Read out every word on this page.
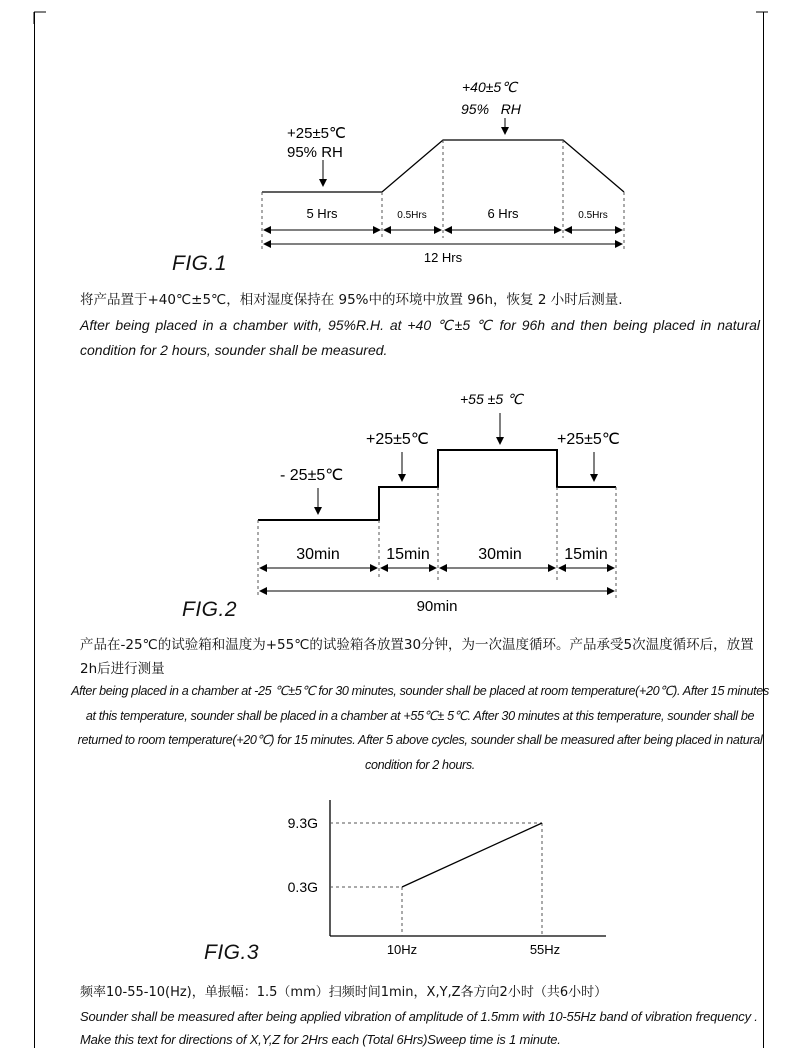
+40±5℃
95%   RH
+25±5℃
95% RH
5 Hrs	0.5Hrs	6 Hrs	0.5Hrs
12 Hrs
- 25±5℃
+25±5℃
+55 ±5 ℃
+25±5℃
30min	15min	30min	15min
90min
9.3G
0.3G
10Hz	55Hz
FIG.1
FIG.2
FIG.3
将产品置于+40℃±5℃，相对湿度保持在 95%中的环境中放置 96h，恢复 2 小时后测量.
After being placed in a chamber with, 95%R.H. at +40 ℃±5 ℃ for 96h and then being placed in natural condition for 2 hours, sounder shall be measured.
产品在-25℃的试验箱和温度为+55℃的试验箱各放置30分钟，为一次温度循环。产品承受5次温度循环后，放置2h后进行测量
After being placed in a chamber at -25 ℃±5℃ for 30 minutes, sounder shall be placed at room temperature(+20℃). After 15 minutes at this temperature, sounder shall be placed in a chamber at +55℃± 5℃. After 30 minutes at this temperature, sounder shall be returned to room temperature(+20℃) for 15 minutes. After 5 above cycles, sounder shall be measured after being placed in natural condition for 2 hours.
频率10-55-10(Hz)，单振幅：1.5（mm）扫频时间1min，X,Y,Z各方向2小时（共6小时）
Sounder shall be measured after being applied vibration of amplitude of 1.5mm with 10-55Hz band of vibration frequency . Make this text for directions of X,Y,Z for 2Hrs each (Total 6Hrs)Sweep time is 1 minute.
